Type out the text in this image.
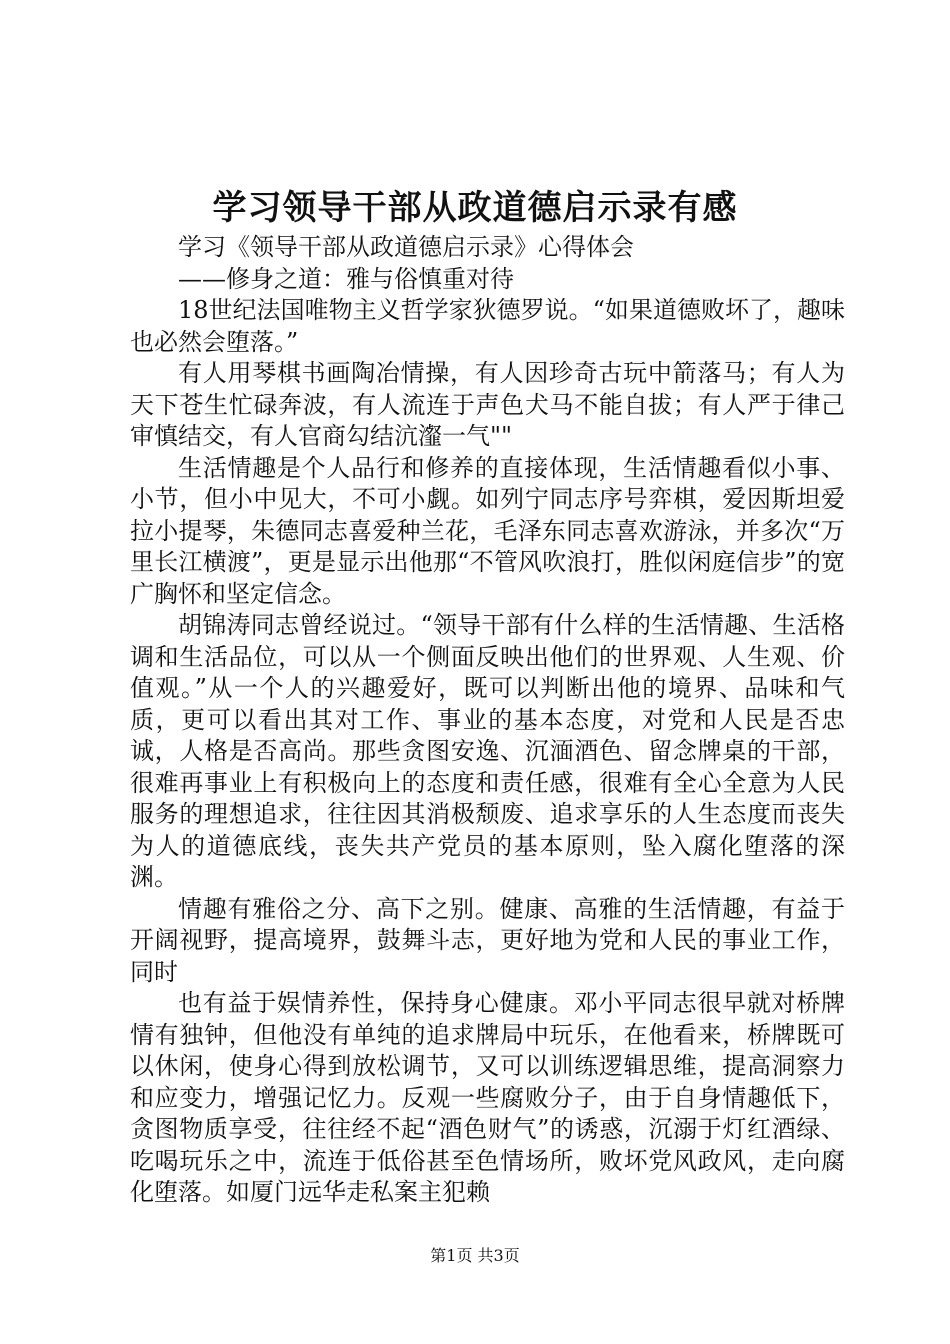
学习领导干部从政道德启示录有感

学习《领导干部从政道德启示录》心得体会

——修身之道：雅与俗慎重对待

18世纪法国唯物主义哲学家狄德罗说。“如果道德败坏了，趣味也必然会堕落。”

有人用琴棋书画陶冶情操，有人因珍奇古玩中箭落马；有人为天下苍生忙碌奔波，有人流连于声色犬马不能自拔；有人严于律己审慎结交，有人官商勾结沆瀣一气""

生活情趣是个人品行和修养的直接体现，生活情趣看似小事、小节，但小中见大，不可小觑。如列宁同志序号弈棋，爱因斯坦爱拉小提琴，朱德同志喜爱种兰花，毛泽东同志喜欢游泳，并多次“万里长江横渡”，更是显示出他那“不管风吹浪打，胜似闲庭信步”的宽广胸怀和坚定信念。

胡锦涛同志曾经说过。“领导干部有什么样的生活情趣、生活格调和生活品位，可以从一个侧面反映出他们的世界观、人生观、价值观。”从一个人的兴趣爱好，既可以判断出他的境界、品味和气质，更可以看出其对工作、事业的基本态度，对党和人民是否忠诚，人格是否高尚。那些贪图安逸、沉湎酒色、留念牌桌的干部，很难再事业上有积极向上的态度和责任感，很难有全心全意为人民服务的理想追求，往往因其消极颓废、追求享乐的人生态度而丧失为人的道德底线，丧失共产党员的基本原则，坠入腐化堕落的深渊。

情趣有雅俗之分、高下之别。健康、高雅的生活情趣，有益于开阔视野，提高境界，鼓舞斗志，更好地为党和人民的事业工作，同时

也有益于娱情养性，保持身心健康。邓小平同志很早就对桥牌情有独钟，但他没有单纯的追求牌局中玩乐，在他看来，桥牌既可以休闲，使身心得到放松调节，又可以训练逻辑思维，提高洞察力和应变力，增强记忆力。反观一些腐败分子，由于自身情趣低下，贪图物质享受，往往经不起“酒色财气”的诱惑，沉溺于灯红酒绿、吃喝玩乐之中，流连于低俗甚至色情场所，败坏党风政风，走向腐化堕落。如厦门远华走私案主犯赖

第1页 共3页
